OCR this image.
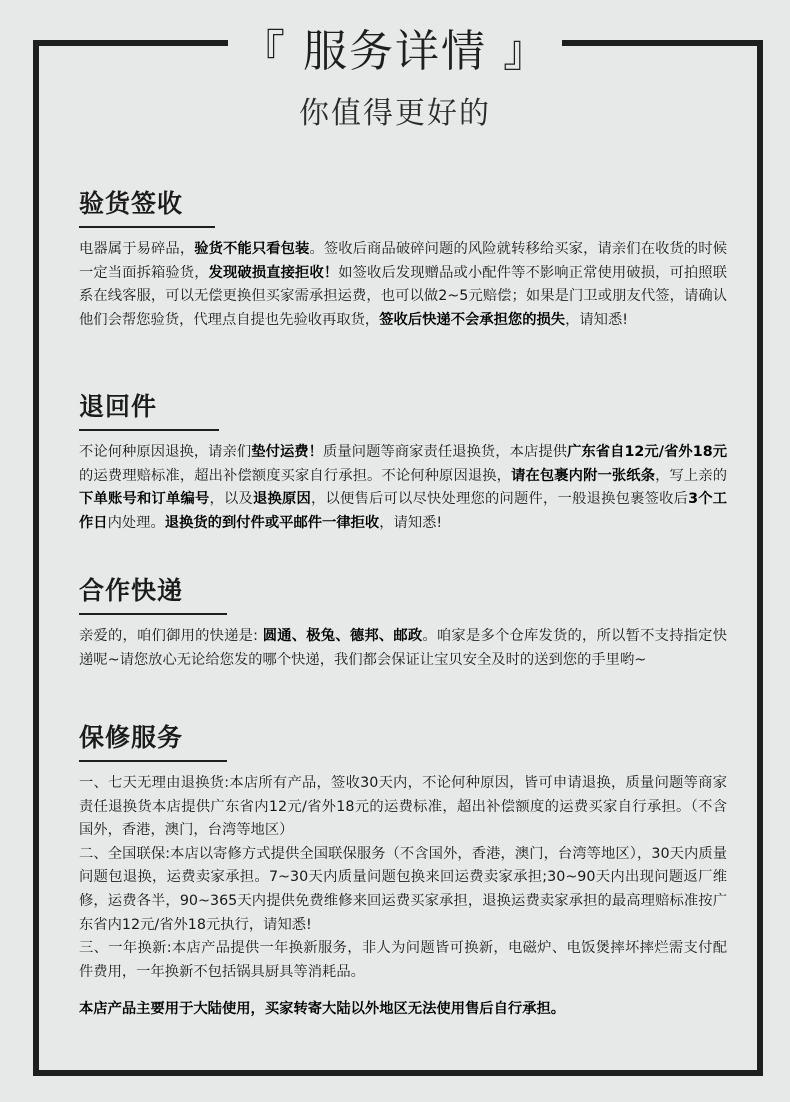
『 服务详情 』
你值得更好的
验货签收
电器属于易碎品，验货不能只看包装。签收后商品破碎问题的风险就转移给买家，请亲们在收货的时候一定当面拆箱验货，发现破损直接拒收！如签收后发现赠品或小配件等不影响正常使用破损，可拍照联系在线客服，可以无偿更换但买家需承担运费，也可以做2~5元赔偿；如果是门卫或朋友代签，请确认他们会帮您验货，代理点自提也先验收再取货，签收后快递不会承担您的损失，请知悉!
退回件
不论何种原因退换，请亲们垫付运费！质量问题等商家责任退换货，本店提供广东省自12元/省外18元的运费理赔标准，超出补偿额度买家自行承担。不论何种原因退换，请在包裹内附一张纸条，写上亲的下单账号和订单编号，以及退换原因，以便售后可以尽快处理您的问题件，一般退换包裹签收后3个工作日内处理。退换货的到付件或平邮件一律拒收，请知悉!
合作快递
亲爱的，咱们御用的快递是: 圆通、极兔、德邦、邮政。咱家是多个仓库发货的，所以暂不支持指定快递呢~请您放心无论给您发的哪个快递，我们都会保证让宝贝安全及时的送到您的手里哟~
保修服务
一、七天无理由退换货:本店所有产品，签收30天内，不论何种原因，皆可申请退换，质量问题等商家责任退换货本店提供广东省内12元/省外18元的运费标准，超出补偿额度的运费买家自行承担。（不含国外，香港，澳门，台湾等地区）
二、全国联保:本店以寄修方式提供全国联保服务（不含国外，香港，澳门，台湾等地区），30天内质量问题包退换，运费卖家承担。7~30天内质量问题包换来回运费卖家承担;30~90天内出现问题返厂维修，运费各半，90~365天内提供免费维修来回运费买家承担，退换运费卖家承担的最高理赔标准按广东省内12元/省外18元执行，请知悉!
三、一年换新:本店产品提供一年换新服务，非人为问题皆可换新，电磁炉、电饭煲摔坏摔烂需支付配件费用，一年换新不包括锅具厨具等消耗品。
本店产品主要用于大陆使用，买家转寄大陆以外地区无法使用售后自行承担。
